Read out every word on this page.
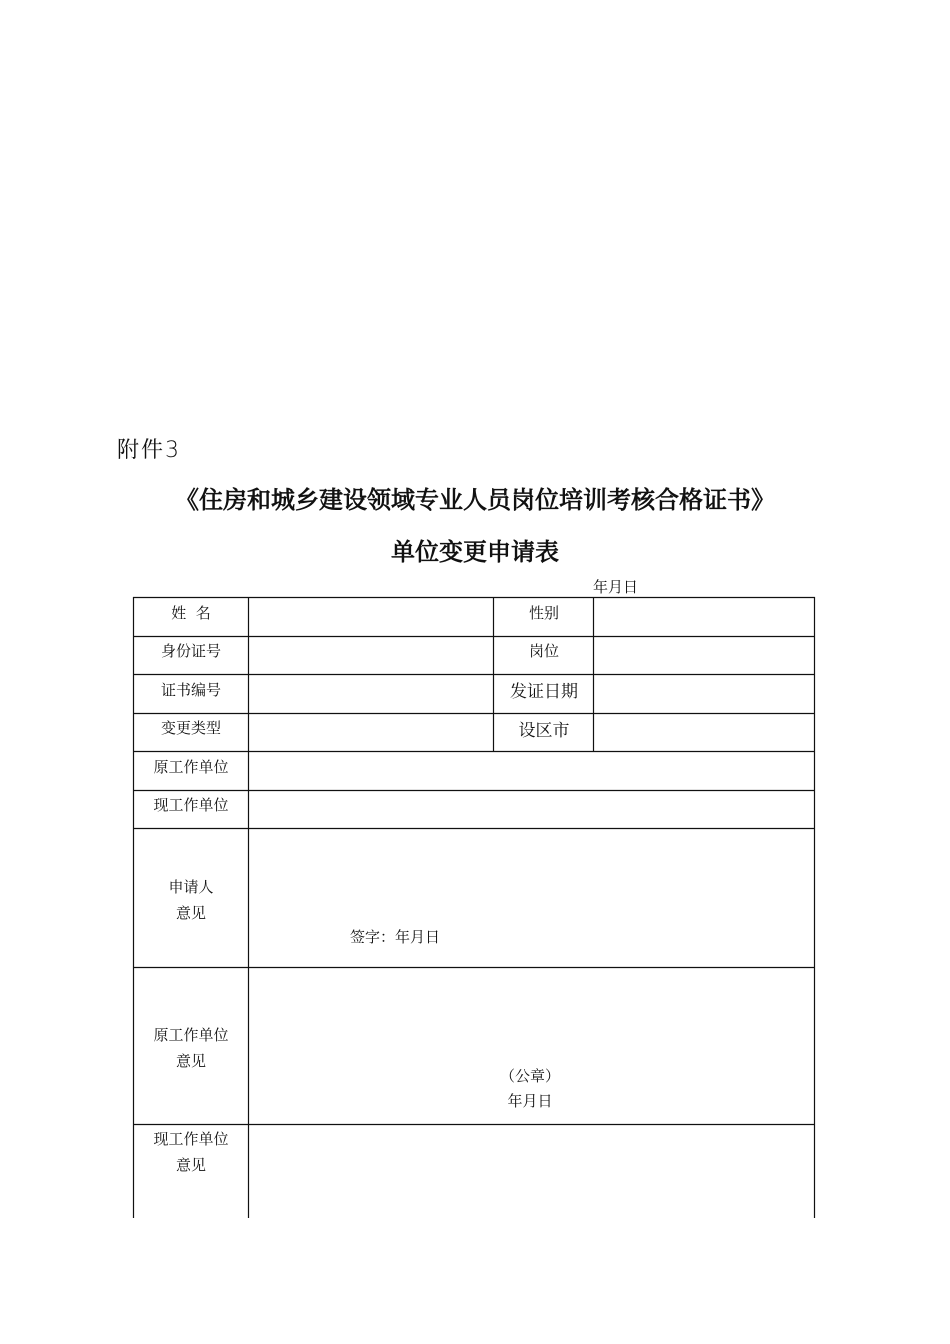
附件3
《住房和城乡建设领域专业人员岗位培训考核合格证书》
单位变更申请表
年月日
姓  名	性别
身份证号	岗位
证书编号	发证日期
变更类型	设区市
原工作单位
现工作单位
申请人
意见
签字：年月日
原工作单位
意见
（公章）
年月日
现工作单位
意见
